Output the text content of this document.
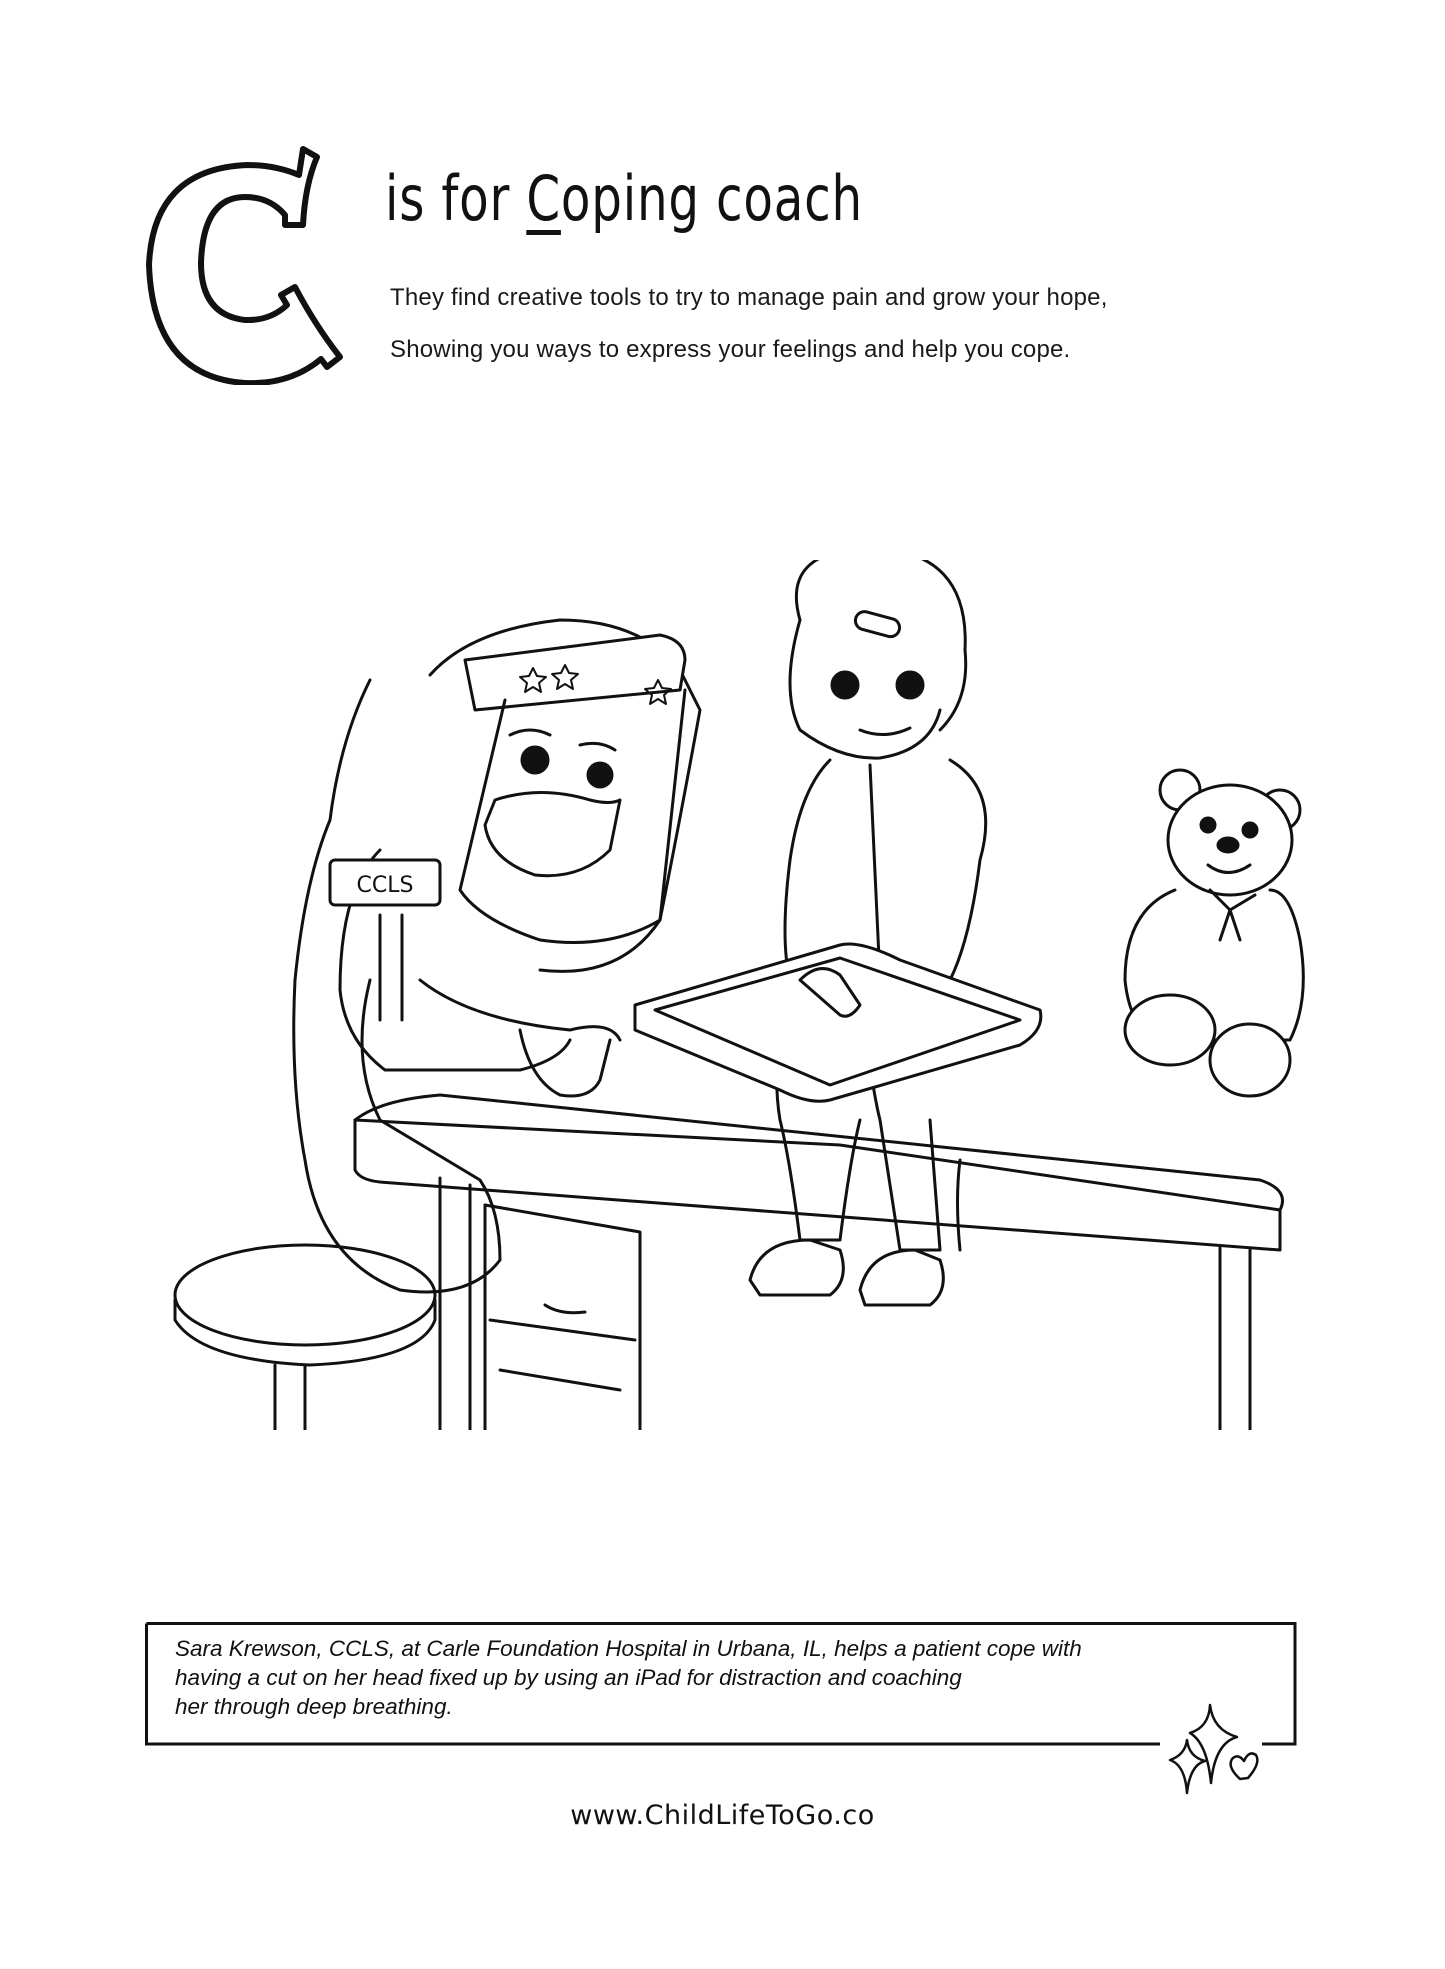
is for Coping coach
They find creative tools to try to manage pain and grow your hope,
Showing you ways to express your feelings and help you cope.
CCLS
Sara Krewson, CCLS, at Carle Foundation Hospital in Urbana, IL, helps a patient cope with
having a cut on her head fixed up by using an iPad for distraction and coaching
her through deep breathing.
www.ChildLifeToGo.co
